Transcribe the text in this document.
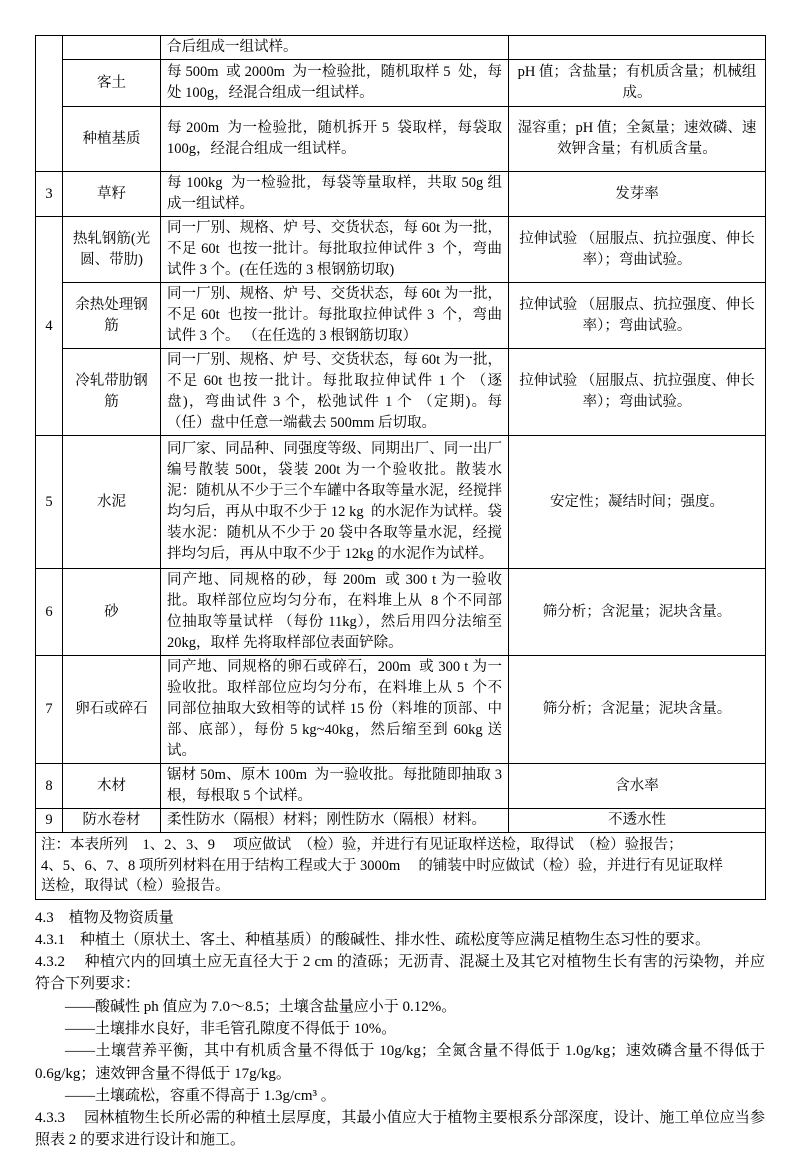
		合后组成一组试样。	
	客土	每 500m  或 2000m  为一检验批，随机取样 5  处，每处 100g，经混合组成一组试样。	pH 值；含盐量；有机质含量；机械组成。
	种植基质	每 200m  为一检验批，随机拆开 5  袋取样，每袋取 100g，经混合组成一组试样。	湿容重；pH 值；全氮量；速效磷、速效钾含量；有机质含量。
3	草籽	每 100kg  为一检验批，每袋等量取样，共取 50g 组成一组试样。	发芽率
4	热轧钢筋(光圆、带肋)	同一厂别、规格、炉 号、交货状态，每 60t 为一批，不足 60t  也按一批计。每批取拉伸试件 3  个，弯曲试件 3 个。(在任选的 3 根钢筋切取)	拉伸试验 （屈服点、抗拉强度、伸长率）；弯曲试验。
	余热处理钢筋	同一厂别、规格、炉 号、交货状态，每 60t 为一批，不足 60t  也按一批计。每批取拉伸试件 3  个，弯曲试件 3 个。 （在任选的 3 根钢筋切取）	拉伸试验 （屈服点、抗拉强度、伸长率）；弯曲试验。
	冷轧带肋钢筋	同一厂别、规格、炉 号、交货状态，每 60t 为一批，不足 60t 也按一批计。每批取拉伸试件 1 个 （逐盘)，弯曲试件 3 个，松弛试件 1 个 （定期)。每 （任）盘中任意一端截去 500mm 后切取。	拉伸试验 （屈服点、抗拉强度、伸长率）；弯曲试验。
5	水泥	同厂家、同品种、同强度等级、同期出厂、同一出厂编号散装 500t，袋装 200t 为一个验收批。散装水泥：随机从不少于三个车罐中各取等量水泥，经搅拌均匀后，再从中取不少于 12 kg  的水泥作为试样。袋装水泥：随机从不少于 20 袋中各取等量水泥，经搅拌均匀后，再从中取不少于 12kg 的水泥作为试样。	安定性；凝结时间；强度。
6	砂	同产地、同规格的砂，每 200m  或 300 t 为一验收批。取样部位应均匀分布，在料堆上从  8 个不同部位抽取等量试样 （每份 11kg），然后用四分法缩至 20kg，取样 先将取样部位表面铲除。	筛分析；含泥量；泥块含量。
7	卵石或碎石	同产地、同规格的卵石或碎石，200m  或 300 t 为一验收批。取样部位应均匀分布，在料堆上从 5  个不同部位抽取大致相等的试样 15 份（料堆的顶部、中部、底部），每份 5 kg~40kg，然后缩至到 60kg 送试。	筛分析；含泥量；泥块含量。
8	木材	锯材 50m、原木 100m  为一验收批。每批随即抽取 3 根，每根取 5 个试样。	含水率
9	防水卷材	柔性防水（隔根）材料；刚性防水（隔根）材料。	不透水性

注：本表所列　1、2、3、9　 项应做试　（检）验，并进行有见证取样送检，取得试　（检）验报告；
4、5、6、7、8 项所列材料在用于结构工程或大于 3000m　 的铺装中时应做试（检）验，并进行有见证取样
送检，取得试（检）验报告。			
4.3　植物及物资质量
4.3.1　种植土（原状土、客土、种植基质）的酸碱性、排水性、疏松度等应满足植物生态习性的要求。
4.3.2　 种植穴内的回填土应无直径大于 2 cm 的渣砾；无沥青、混凝土及其它对植物生长有害的污染物，并应符合下列要求：
——酸碱性 ph 值应为 7.0～8.5；土壤含盐量应小于 0.12%。
——土壤排水良好，非毛管孔隙度不得低于 10%。
——土壤营养平衡，其中有机质含量不得低于 10g/kg；全氮含量不得低于 1.0g/kg；速效磷含量不得低于 0.6g/kg；速效钾含量不得低于 17g/kg。
——土壤疏松，容重不得高于 1.3g/cm³ 。
4.3.3　 园林植物生长所必需的种植土层厚度，其最小值应大于植物主要根系分部深度，设计、施工单位应当参照表 2 的要求进行设计和施工。
